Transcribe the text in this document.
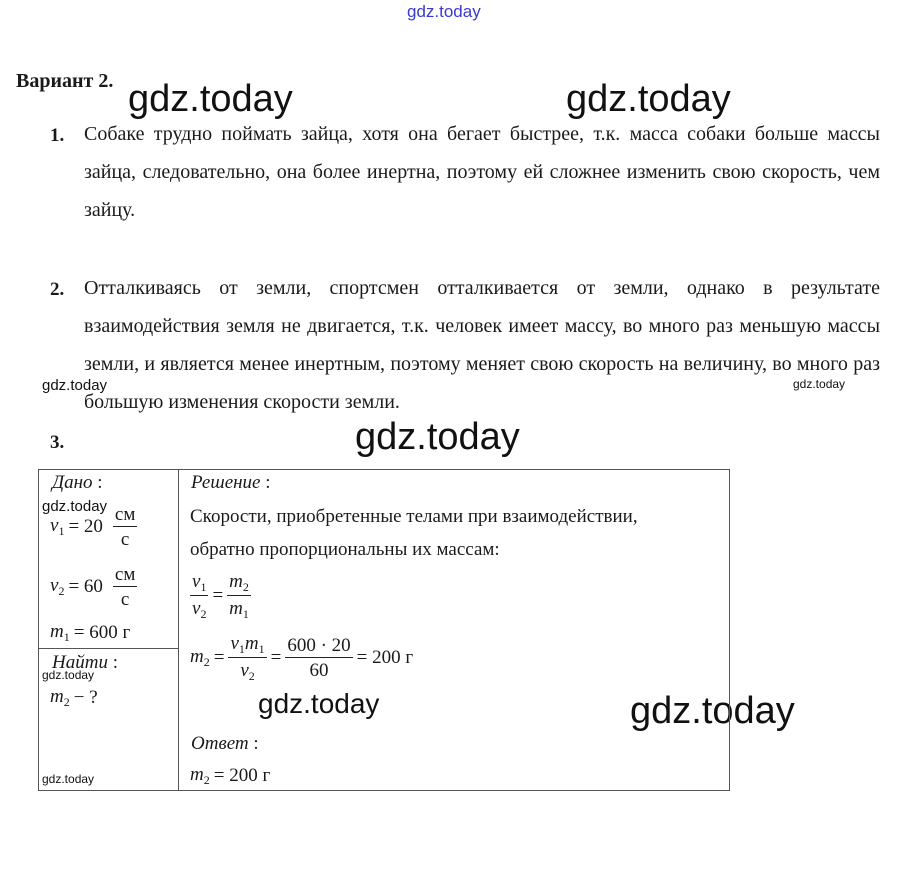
gdz.today
gdz.today	gdz.today
gdz.today	gdz.today
gdz.today
gdz.today
gdz.today
gdz.today	gdz.today
gdz.today
Вариант 2.
1. Собаке трудно поймать зайца, хотя она бегает быстрее, т.к. масса собаки больше массы зайца, следовательно, она более инертна, поэтому ей сложнее изменить свою скорость, чем зайцу.
2. Отталкиваясь от земли, спортсмен отталкивается от земли, однако в результате взаимодействия земля не двигается, т.к. человек имеет массу, во много раз меньшую массы земли, и является менее инертным, поэтому меняет свою скорость на величину, во много раз большую изменения скорости земли.
3.
Дано :
$v_1 = 20 \frac{см}{с}$
$v_2 = 60 \frac{см}{с}$
$m_1 = 600$ г
Найти :
$m_2$ − ?
Решение :
Скорости, приобретенные телами при взаимодействии,
обратно пропорциональны их массам:
$\frac{v_1}{v_2} = \frac{m_2}{m_1}$
$m_2 = \frac{v_1m_1}{v_2} = \frac{600 \cdot 20}{60} = 200$ г
Ответ :
$m_2 = 200$ г
